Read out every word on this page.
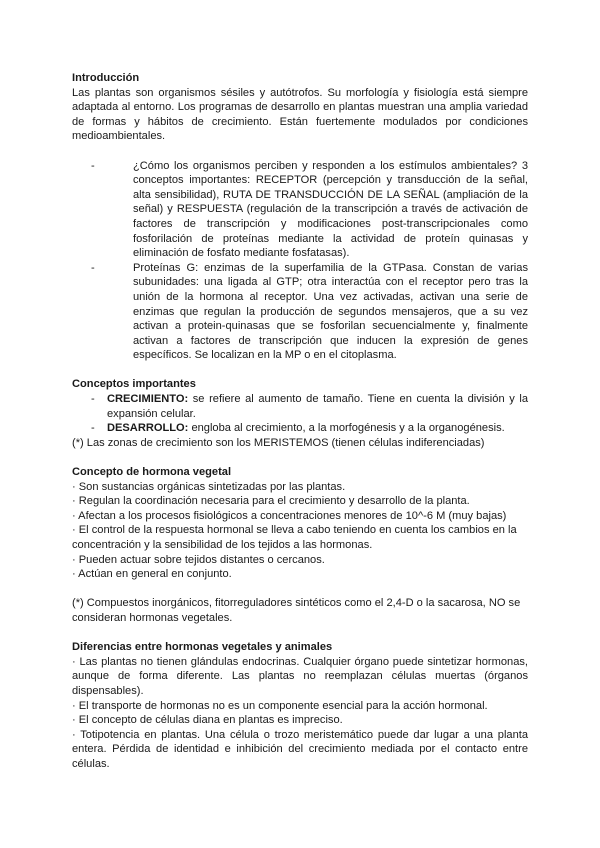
Introducción

Las plantas son organismos sésiles y autótrofos. Su morfología y fisiología está siempre adaptada al entorno. Los programas de desarrollo en plantas muestran una amplia variedad de formas y hábitos de crecimiento. Están fuertemente modulados por condiciones medioambientales.

-	¿Cómo los organismos perciben y responden a los estímulos ambientales? 3 conceptos importantes: RECEPTOR (percepción y transducción de la señal, alta sensibilidad), RUTA DE TRANSDUCCIÓN DE LA SEÑAL (ampliación de la señal) y RESPUESTA (regulación de la transcripción a través de activación de factores de transcripción y modificaciones post-transcripcionales como fosforilación de proteínas mediante la actividad de proteín quinasas y eliminación de fosfato mediante fosfatasas).
-	Proteínas G: enzimas de la superfamilia de la GTPasa. Constan de varias subunidades: una ligada al GTP; otra interactúa con el receptor pero tras la unión de la hormona al receptor. Una vez activadas, activan una serie de enzimas que regulan la producción de segundos mensajeros, que a su vez activan a protein-quinasas que se fosforilan secuencialmente y, finalmente activan a factores de transcripción que inducen la expresión de genes específicos. Se localizan en la MP o en el citoplasma.

Conceptos importantes

- CRECIMIENTO: se refiere al aumento de tamaño. Tiene en cuenta la división y la expansión celular.
- DESARROLLO: engloba al crecimiento, a la morfogénesis y a la organogénesis.

(*) Las zonas de crecimiento son los MERISTEMOS (tienen células indiferenciadas)

Concepto de hormona vegetal

· Son sustancias orgánicas sintetizadas por las plantas.

· Regulan la coordinación necesaria para el crecimiento y desarrollo de la planta.

· Afectan a los procesos fisiológicos a concentraciones menores de 10^-6 M (muy bajas)

· El control de la respuesta hormonal se lleva a cabo teniendo en cuenta los cambios en la concentración y la sensibilidad de los tejidos a las hormonas.

· Pueden actuar sobre tejidos distantes o cercanos.

· Actúan en general en conjunto.

(*) Compuestos inorgánicos, fitorreguladores sintéticos como el 2,4-D o la sacarosa, NO se consideran hormonas vegetales.

Diferencias entre hormonas vegetales y animales

· Las plantas no tienen glándulas endocrinas. Cualquier órgano puede sintetizar hormonas, aunque de forma diferente. Las plantas no reemplazan células muertas (órganos dispensables).

· El transporte de hormonas no es un componente esencial para la acción hormonal.

· El concepto de células diana en plantas es impreciso.

· Totipotencia en plantas. Una célula o trozo meristemático puede dar lugar a una planta entera. Pérdida de identidad e inhibición del crecimiento mediada por el contacto entre células.
